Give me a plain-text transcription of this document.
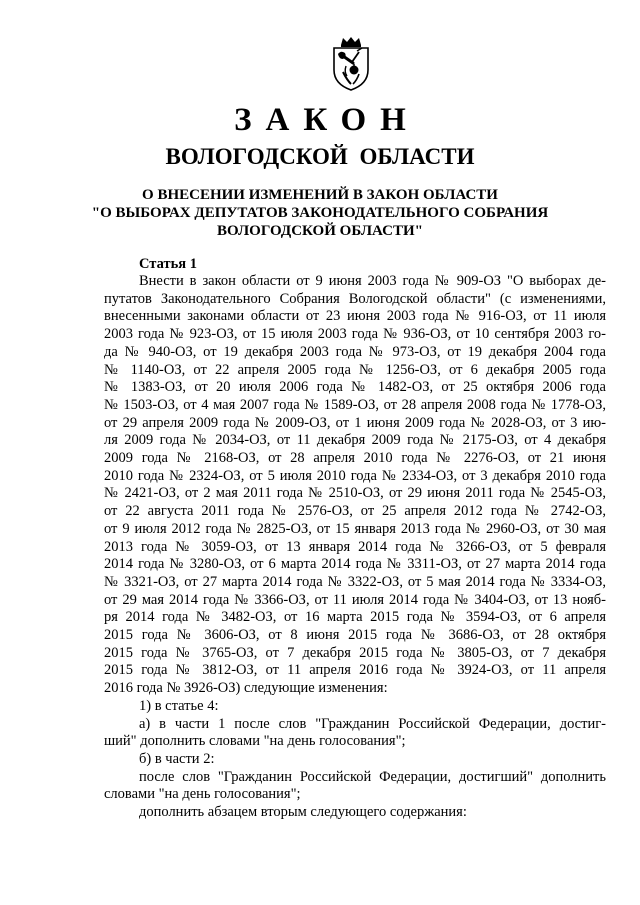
ЗАКОН
ВОЛОГОДСКОЙ ОБЛАСТИ
О ВНЕСЕНИИ ИЗМЕНЕНИЙ В ЗАКОН ОБЛАСТИ
"О ВЫБОРАХ ДЕПУТАТОВ ЗАКОНОДАТЕЛЬНОГО СОБРАНИЯ
ВОЛОГОДСКОЙ ОБЛАСТИ"
Статья 1

Внести в закон области от 9 июня 2003 года № 909-ОЗ "О выборах де-

путатов Законодательного Собрания Вологодской области" (с изменениями,

внесенными законами области от 23 июня 2003 года № 916-ОЗ, от 11 июля

2003 года № 923-ОЗ, от 15 июля 2003 года № 936-ОЗ, от 10 сентября 2003 го-

да № 940-ОЗ, от 19 декабря 2003 года № 973-ОЗ, от 19 декабря 2004 года

№ 1140-ОЗ, от 22 апреля 2005 года № 1256-ОЗ, от 6 декабря 2005 года

№ 1383-ОЗ, от 20 июля 2006 года № 1482-ОЗ, от 25 октября 2006 года

№ 1503-ОЗ, от 4 мая 2007 года № 1589-ОЗ, от 28 апреля 2008 года № 1778-ОЗ,

от 29 апреля 2009 года № 2009-ОЗ, от 1 июня 2009 года № 2028-ОЗ, от 3 ию-

ля 2009 года № 2034-ОЗ, от 11 декабря 2009 года № 2175-ОЗ, от 4 декабря

2009 года № 2168-ОЗ, от 28 апреля 2010 года № 2276-ОЗ, от 21 июня

2010 года № 2324-ОЗ, от 5 июля 2010 года № 2334-ОЗ, от 3 декабря 2010 года

№ 2421-ОЗ, от 2 мая 2011 года № 2510-ОЗ, от 29 июня 2011 года № 2545-ОЗ,

от 22 августа 2011 года № 2576-ОЗ, от 25 апреля 2012 года № 2742-ОЗ,

от 9 июля 2012 года № 2825-ОЗ, от 15 января 2013 года № 2960-ОЗ, от 30 мая

2013 года № 3059-ОЗ, от 13 января 2014 года № 3266-ОЗ, от 5 февраля

2014 года № 3280-ОЗ, от 6 марта 2014 года № 3311-ОЗ, от 27 марта 2014 года

№ 3321-ОЗ, от 27 марта 2014 года № 3322-ОЗ, от 5 мая 2014 года № 3334-ОЗ,

от 29 мая 2014 года № 3366-ОЗ, от 11 июля 2014 года № 3404-ОЗ, от 13 нояб-

ря 2014 года № 3482-ОЗ, от 16 марта 2015 года № 3594-ОЗ, от 6 апреля

2015 года № 3606-ОЗ, от 8 июня 2015 года № 3686-ОЗ, от 28 октября

2015 года № 3765-ОЗ, от 7 декабря 2015 года № 3805-ОЗ, от 7 декабря

2015 года № 3812-ОЗ, от 11 апреля 2016 года № 3924-ОЗ, от 11 апреля

2016 года № 3926-ОЗ) следующие изменения:

1) в статье 4:

а) в части 1 после слов "Гражданин Российской Федерации, достиг-

ший" дополнить словами "на день голосования";

б) в части 2:

после слов "Гражданин Российской Федерации, достигший" дополнить

словами "на день голосования";

дополнить абзацем вторым следующего содержания:
